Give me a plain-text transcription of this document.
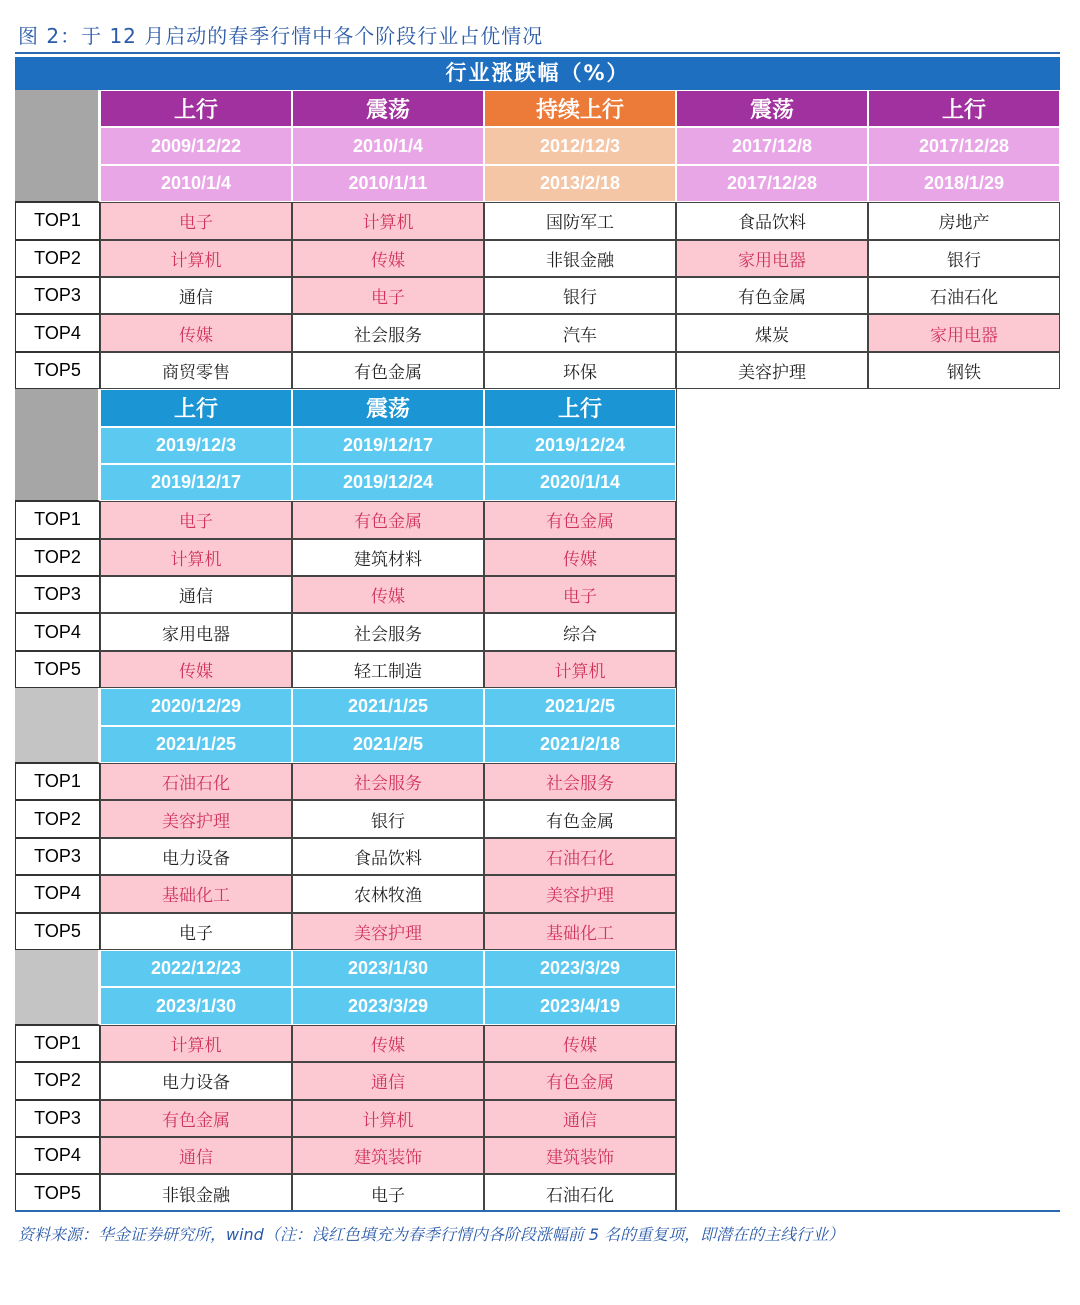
图 2：于 12 月启动的春季行情中各个阶段行业占优情况
行业涨跌幅（%）
上行	震荡	持续上行	震荡	上行
2009/12/22	2010/1/4	2012/12/3	2017/12/8	2017/12/28
2010/1/4	2010/1/11	2013/2/18	2017/12/28	2018/1/29
TOP1	电子	计算机	国防军工	食品饮料	房地产
TOP2	计算机	传媒	非银金融	家用电器	银行
TOP3	通信	电子	银行	有色金属	石油石化
TOP4	传媒	社会服务	汽车	煤炭	家用电器
TOP5	商贸零售	有色金属	环保	美容护理	钢铁
上行	震荡	上行
2019/12/3	2019/12/17	2019/12/24
2019/12/17	2019/12/24	2020/1/14
TOP1	电子	有色金属	有色金属
TOP2	计算机	建筑材料	传媒
TOP3	通信	传媒	电子
TOP4	家用电器	社会服务	综合
TOP5	传媒	轻工制造	计算机
2020/12/29	2021/1/25	2021/2/5
2021/1/25	2021/2/5	2021/2/18
TOP1	石油石化	社会服务	社会服务
TOP2	美容护理	银行	有色金属
TOP3	电力设备	食品饮料	石油石化
TOP4	基础化工	农林牧渔	美容护理
TOP5	电子	美容护理	基础化工
2022/12/23	2023/1/30	2023/3/29
2023/1/30	2023/3/29	2023/4/19
TOP1	计算机	传媒	传媒
TOP2	电力设备	通信	有色金属
TOP3	有色金属	计算机	通信
TOP4	通信	建筑装饰	建筑装饰
TOP5	非银金融	电子	石油石化
资料来源：华金证券研究所，wind（注：浅红色填充为春季行情内各阶段涨幅前 5 名的重复项，即潜在的主线行业）
